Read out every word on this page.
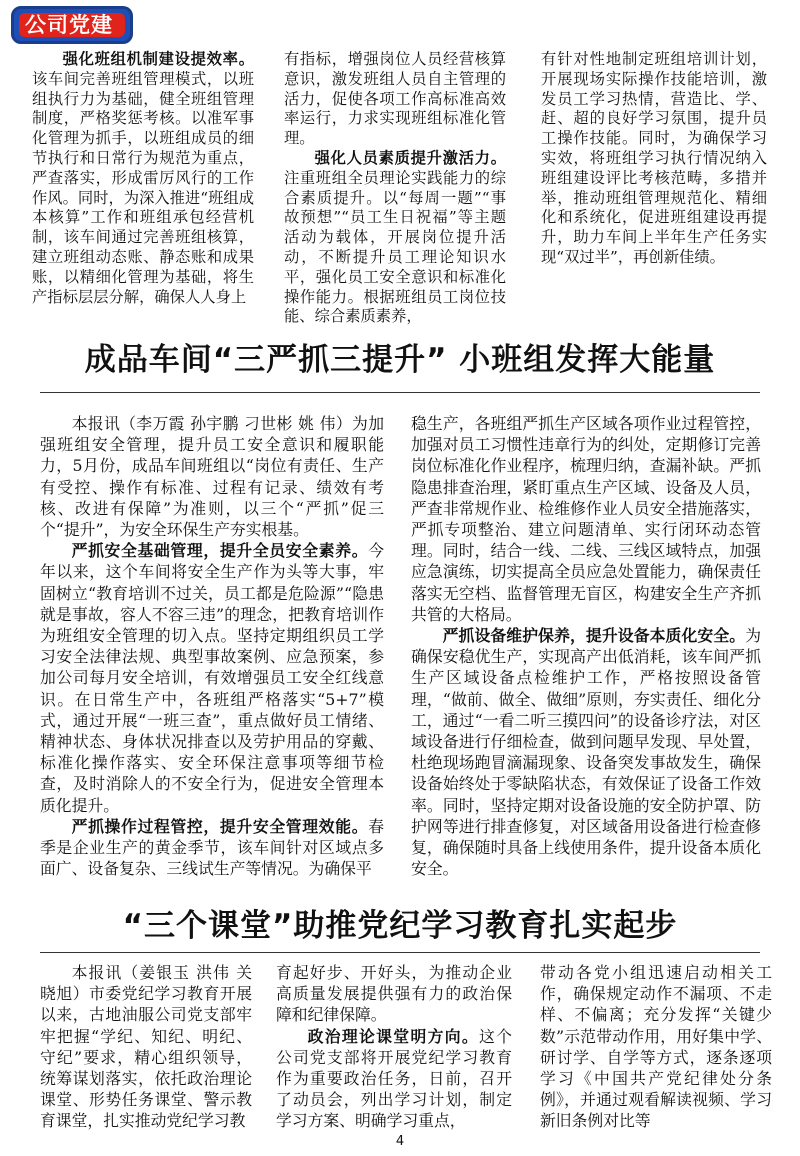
公司党建

强化班组机制建设提效率。该车间完善班组管理模式，以班组执行力为基础，健全班组管理制度，严格奖惩考核。以准军事化管理为抓手，以班组成员的细节执行和日常行为规范为重点，严查落实，形成雷厉风行的工作作风。同时，为深入推进“班组成本核算”工作和班组承包经营机制，该车间通过完善班组核算，建立班组动态账、静态账和成果账，以精细化管理为基础，将生产指标层层分解，确保人人身上

有指标，增强岗位人员经营核算意识，激发班组人员自主管理的活力，促使各项工作高标准高效率运行，力求实现班组标准化管理。

强化人员素质提升激活力。注重班组全员理论实践能力的综合素质提升。以“每周一题”“事故预想”“员工生日祝福”等主题活动为载体，开展岗位提升活动，不断提升员工理论知识水平，强化员工安全意识和标准化操作能力。根据班组员工岗位技能、综合素质素养，

有针对性地制定班组培训计划，开展现场实际操作技能培训，激发员工学习热情，营造比、学、赶、超的良好学习氛围，提升员工操作技能。同时，为确保学习实效，将班组学习执行情况纳入班组建设评比考核范畴，多措并举，推动班组管理规范化、精细化和系统化，促进班组建设再提升，助力车间上半年生产任务实现“双过半”，再创新佳绩。

成品车间“三严抓三提升” 小班组发挥大能量

本报讯（李万霞 孙宇鹏 刁世彬 姚 伟）为加强班组安全管理，提升员工安全意识和履职能力，5月份，成品车间班组以“岗位有责任、生产有受控、操作有标准、过程有记录、绩效有考核、改进有保障”为准则，以三个“严抓”促三个“提升”，为安全环保生产夯实根基。

严抓安全基础管理，提升全员安全素养。今年以来，这个车间将安全生产作为头等大事，牢固树立“教育培训不过关，员工都是危险源”“隐患就是事故，容人不容三违”的理念，把教育培训作为班组安全管理的切入点。坚持定期组织员工学习安全法律法规、典型事故案例、应急预案，参加公司每月安全培训，有效增强员工安全红线意识。在日常生产中，各班组严格落实“5+7”模式，通过开展“一班三查”，重点做好员工情绪、精神状态、身体状况排查以及劳护用品的穿戴、标准化操作落实、安全环保注意事项等细节检查，及时消除人的不安全行为，促进安全管理本质化提升。

严抓操作过程管控，提升安全管理效能。春季是企业生产的黄金季节，该车间针对区域点多面广、设备复杂、三线试生产等情况。为确保平

稳生产，各班组严抓生产区域各项作业过程管控，加强对员工习惯性违章行为的纠处，定期修订完善岗位标准化作业程序，梳理归纳，查漏补缺。严抓隐患排查治理，紧盯重点生产区域、设备及人员，严查非常规作业、检维修作业人员安全措施落实，严抓专项整治、建立问题清单、实行闭环动态管理。同时，结合一线、二线、三线区域特点，加强应急演练，切实提高全员应急处置能力，确保责任落实无空档、监督管理无盲区，构建安全生产齐抓共管的大格局。

严抓设备维护保养，提升设备本质化安全。为确保安稳优生产，实现高产出低消耗，该车间严抓生产区域设备点检维护工作，严格按照设备管理，“做前、做全、做细”原则，夯实责任、细化分工，通过“一看二听三摸四问”的设备诊疗法，对区域设备进行仔细检查，做到问题早发现、早处置，杜绝现场跑冒滴漏现象、设备突发事故发生，确保设备始终处于零缺陷状态，有效保证了设备工作效率。同时，坚持定期对设备设施的安全防护罩、防护网等进行排查修复，对区域备用设备进行检查修复，确保随时具备上线使用条件，提升设备本质化安全。

“三个课堂”助推党纪学习教育扎实起步

本报讯（姜银玉 洪伟 关晓旭）市委党纪学习教育开展以来，古地油服公司党支部牢牢把握“学纪、知纪、明纪、守纪”要求，精心组织领导，统筹谋划落实，依托政治理论课堂、形势任务课堂、警示教育课堂，扎实推动党纪学习教

育起好步、开好头，为推动企业高质量发展提供强有力的政治保障和纪律保障。

政治理论课堂明方向。这个公司党支部将开展党纪学习教育作为重要政治任务，日前，召开了动员会，列出学习计划，制定学习方案、明确学习重点，

带动各党小组迅速启动相关工作，确保规定动作不漏项、不走样、不偏离；充分发挥“关键少数”示范带动作用，用好集中学、研讨学、自学等方式，逐条逐项学习《中国共产党纪律处分条例》，并通过观看解读视频、学习新旧条例对比等

4
